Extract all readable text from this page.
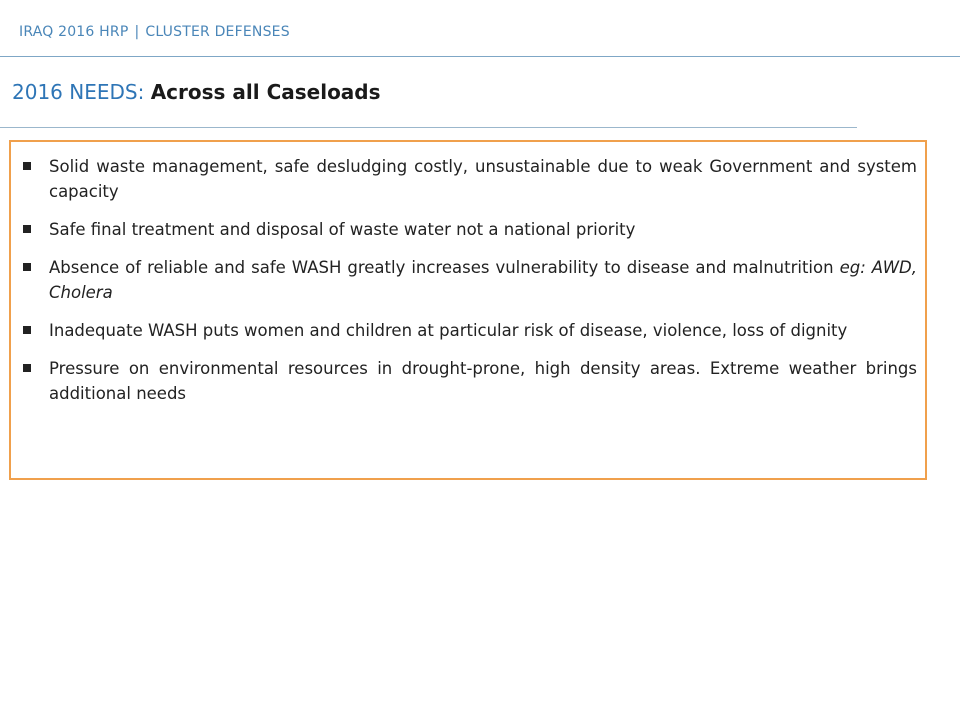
IRAQ 2016 HRP | CLUSTER DEFENSES
2016 NEEDS: Across all Caseloads
Solid waste management, safe desludging costly, unsustainable due to weak Government and system capacity
Safe final treatment and disposal of waste water not a national priority
Absence of reliable and safe WASH greatly increases vulnerability to disease and malnutrition eg: AWD, Cholera
Inadequate WASH puts women and children at particular risk of disease, violence, loss of dignity
Pressure on environmental resources in drought-prone, high density areas. Extreme weather brings additional needs
